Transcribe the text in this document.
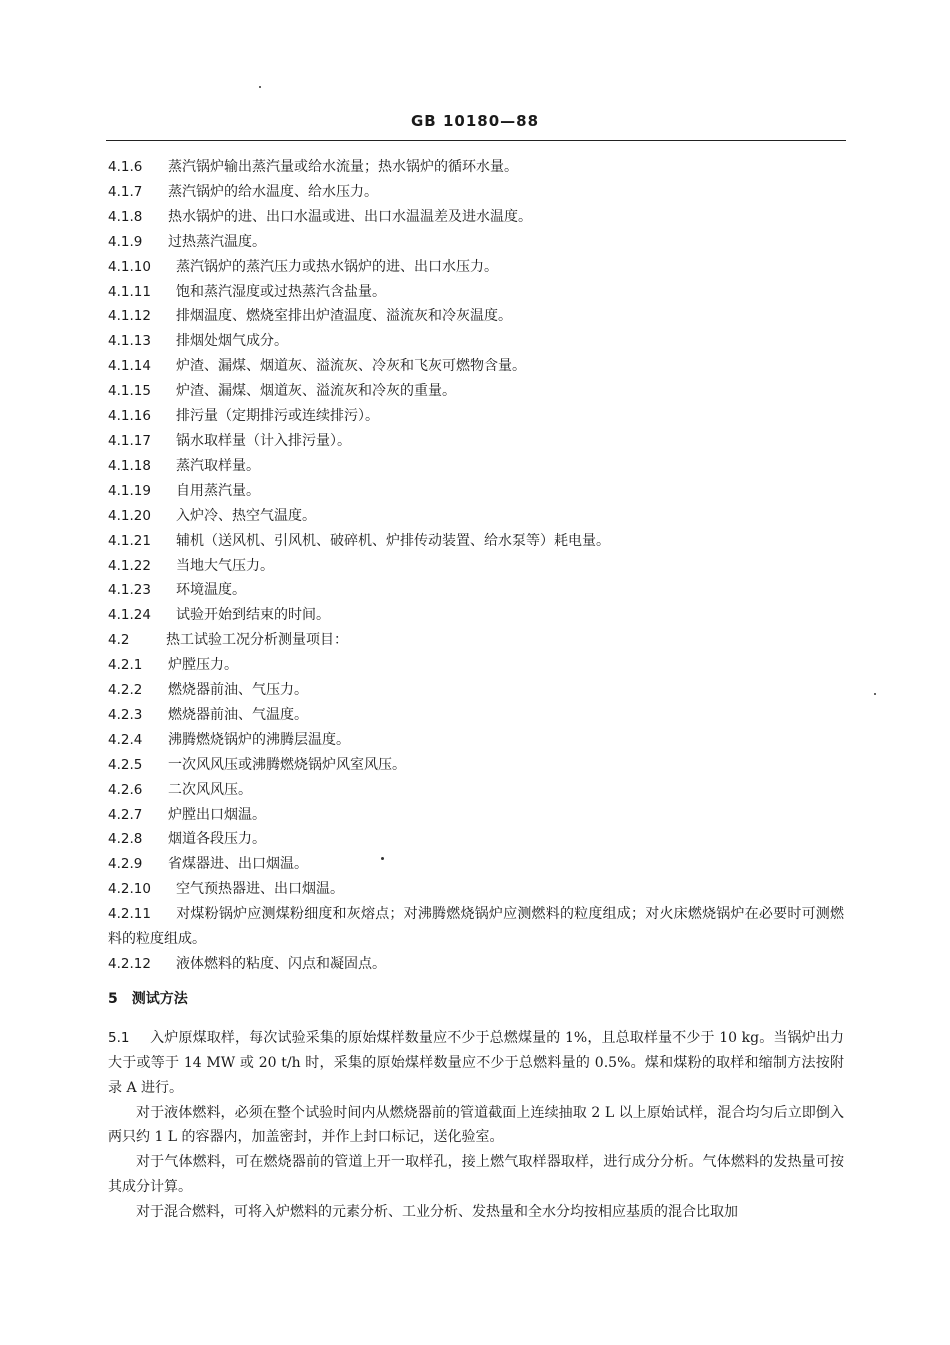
GB 10180—88
4.1.6 蒸汽锅炉输出蒸汽量或给水流量；热水锅炉的循环水量。
4.1.7 蒸汽锅炉的给水温度、给水压力。
4.1.8 热水锅炉的进、出口水温或进、出口水温温差及进水温度。
4.1.9 过热蒸汽温度。
4.1.10 蒸汽锅炉的蒸汽压力或热水锅炉的进、出口水压力。
4.1.11 饱和蒸汽湿度或过热蒸汽含盐量。
4.1.12 排烟温度、燃烧室排出炉渣温度、溢流灰和冷灰温度。
4.1.13 排烟处烟气成分。
4.1.14 炉渣、漏煤、烟道灰、溢流灰、冷灰和飞灰可燃物含量。
4.1.15 炉渣、漏煤、烟道灰、溢流灰和冷灰的重量。
4.1.16 排污量（定期排污或连续排污）。
4.1.17 锅水取样量（计入排污量）。
4.1.18 蒸汽取样量。
4.1.19 自用蒸汽量。
4.1.20 入炉冷、热空气温度。
4.1.21 辅机（送风机、引风机、破碎机、炉排传动装置、给水泵等）耗电量。
4.1.22 当地大气压力。
4.1.23 环境温度。
4.1.24 试验开始到结束的时间。
4.2	热工试验工况分析测量项目：
4.2.1 炉膛压力。
4.2.2 燃烧器前油、气压力。
4.2.3 燃烧器前油、气温度。
4.2.4 沸腾燃烧锅炉的沸腾层温度。
4.2.5 一次风风压或沸腾燃烧锅炉风室风压。
4.2.6 二次风风压。
4.2.7 炉膛出口烟温。
4.2.8 烟道各段压力。
4.2.9 省煤器进、出口烟温。
4.2.10 空气预热器进、出口烟温。
4.2.11 对煤粉锅炉应测煤粉细度和灰熔点；对沸腾燃烧锅炉应测燃料的粒度组成；对火床燃烧锅炉在必要时可测燃料的粒度组成。
4.2.12 液体燃料的粘度、闪点和凝固点。
5　测试方法
5.1 入炉原煤取样，每次试验采集的原始煤样数量应不少于总燃煤量的 1%，且总取样量不少于 10 kg。当锅炉出力大于或等于 14 MW 或 20 t/h 时，采集的原始煤样数量应不少于总燃料量的 0.5%。煤和煤粉的取样和缩制方法按附录 A 进行。
对于液体燃料，必须在整个试验时间内从燃烧器前的管道截面上连续抽取 2 L 以上原始试样，混合均匀后立即倒入两只约 1 L 的容器内，加盖密封，并作上封口标记，送化验室。
对于气体燃料，可在燃烧器前的管道上开一取样孔，接上燃气取样器取样，进行成分分析。气体燃料的发热量可按其成分计算。
对于混合燃料，可将入炉燃料的元素分析、工业分析、发热量和全水分均按相应基质的混合比取加
